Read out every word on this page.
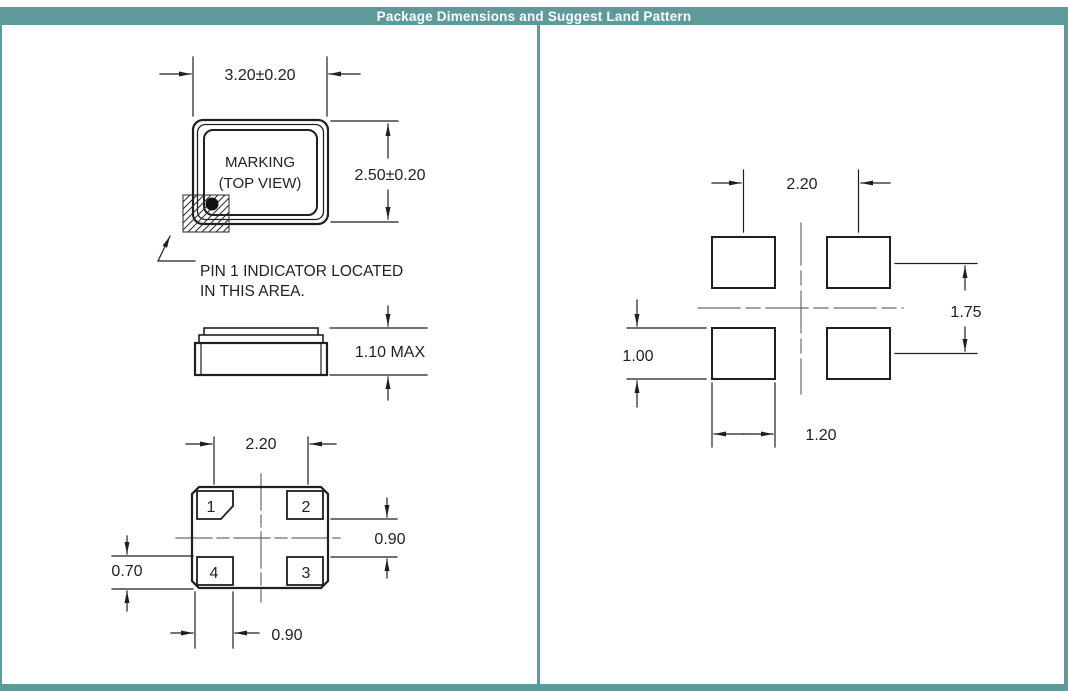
Package Dimensions and Suggest Land Pattern
3.20±0.20
MARKING
(TOP VIEW)	2.50±0.20
PIN 1 INDICATOR LOCATED
IN THIS AREA.
1.10 MAX
1	2
4	3
2.20
0.90
0.70
0.90
2.20
1.75
1.00
1.20
